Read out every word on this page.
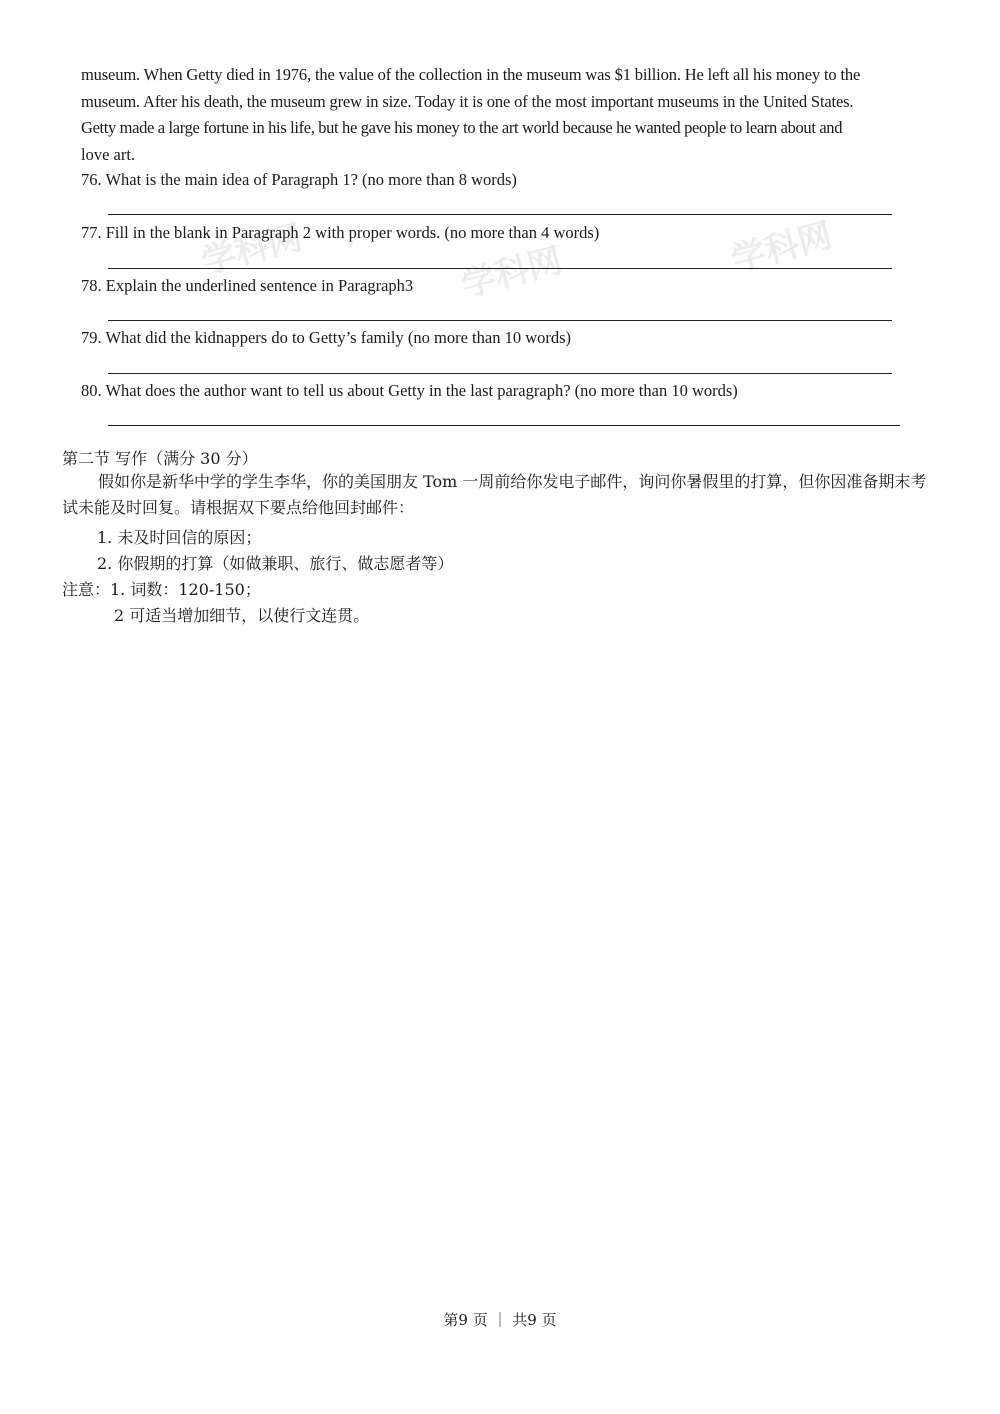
学科网	学科网	学科网

museum. When Getty died in 1976, the value of the collection in the museum was $1 billion. He left all his money to the

museum. After his death, the museum grew in size. Today it is one of the most important museums in the United States.

Getty made a large fortune in his life, but he gave his money to the art world because he wanted people to learn about and

love art.

76. What is the main idea of Paragraph 1? (no more than 8 words)
77. Fill in the blank in Paragraph 2 with proper words. (no more than 4 words)
78. Explain the underlined sentence in Paragraph3
79. What did the kidnappers do to Getty’s family (no more than 10 words)
80. What does the author want to tell us about Getty in the last paragraph? (no more than 10 words)
第二节 写作（满分 30 分）
假如你是新华中学的学生李华，你的美国朋友 Tom 一周前给你发电子邮件，询问你暑假里的打算，但你因准备期末考试未能及时回复。请根据双下要点给他回封邮件：
1. 未及时回信的原因；
2. 你假期的打算（如做兼职、旅行、做志愿者等）
注意：1. 词数：120-150；
2 可适当增加细节，以使行文连贯。
第9 页 ｜ 共9 页
